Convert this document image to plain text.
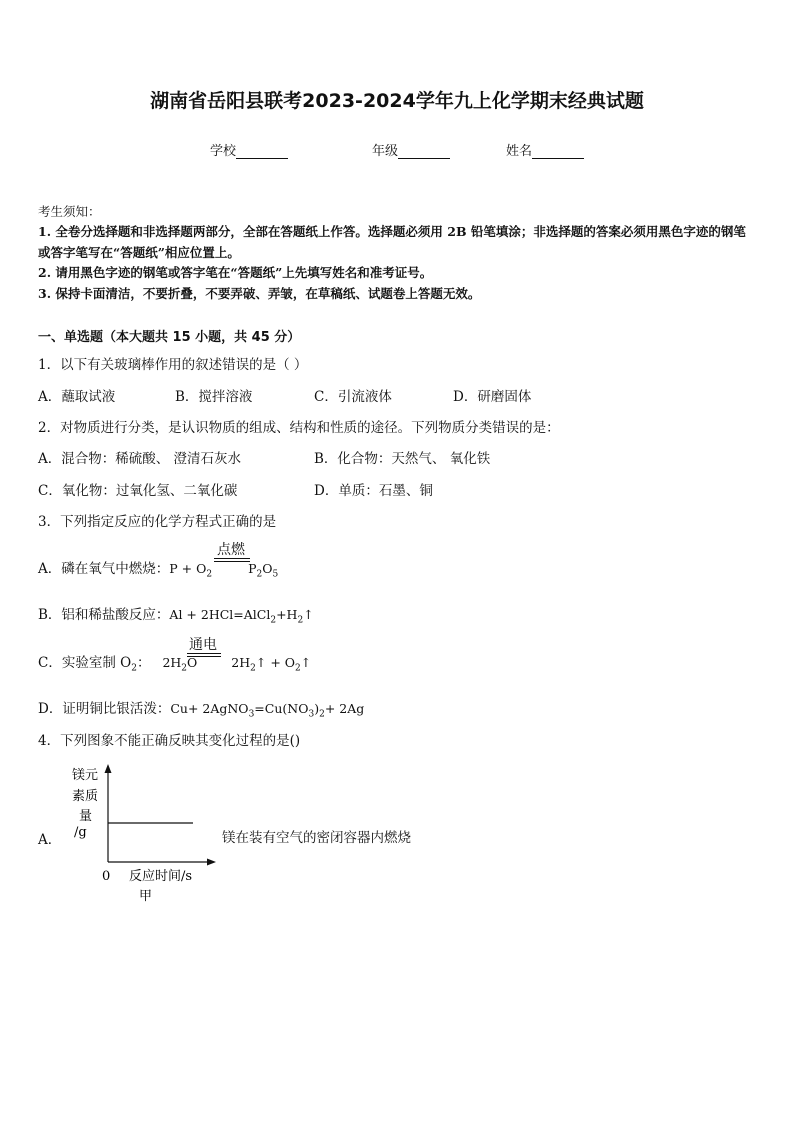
湖南省岳阳县联考2023-2024学年九上化学期末经典试题
学校	年级	姓名
考生须知：
1. 全卷分选择题和非选择题两部分，全部在答题纸上作答。选择题必须用 2B 铅笔填涂；非选择题的答案必须用黑色字迹的钢笔或答字笔写在“答题纸”相应位置上。
2. 请用黑色字迹的钢笔或答字笔在“答题纸”上先填写姓名和准考证号。
3. 保持卡面清洁，不要折叠，不要弄破、弄皱，在草稿纸、试题卷上答题无效。
一、单选题（本大题共 15 小题，共 45 分）
1．以下有关玻璃棒作用的叙述错误的是（ ）
A．蘸取试液	B．搅拌溶液	C．引流液体	D．研磨固体
2．对物质进行分类，是认识物质的组成、结构和性质的途径。下列物质分类错误的是：
A．混合物：稀硫酸、 澄清石灰水	B．化合物：天然气、 氧化铁
C．氧化物：过氧化氢、二氧化碳	D．单质：石墨、铜
3．下列指定反应的化学方程式正确的是
A．磷在氧气中燃烧：$P + O_2$	$P_2O_5$
点燃
B．铝和稀盐酸反应：$Al + 2HCl=AlCl_2+H_2↑$
C．实验室制 $O_2$： $2H_2O$	$2H_2↑$ + $O_2↑$
通电
D．证明铜比银活泼：$Cu+ 2AgNO_3=Cu(NO_3)_2+ 2Ag$
4．下列图象不能正确反映其变化过程的是()
A．	镁在装有空气的密闭容器内燃烧
镁元
素质
量
/g
0 反应时间/s
甲
